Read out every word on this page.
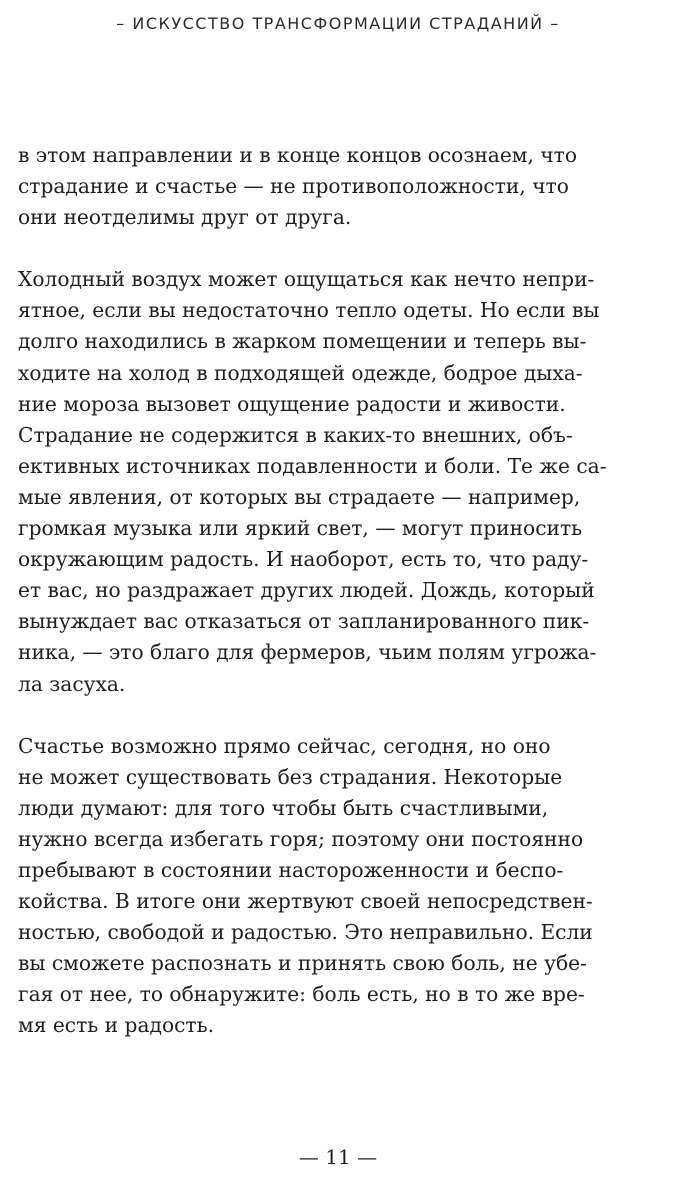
– ИСКУССТВО ТРАНСФОРМАЦИИ СТРАДАНИЙ –
в этом направлении и в конце концов осознаем, что
страдание и счастье — не противоположности, что
они неотделимы друг от друга.
Холодный воздух может ощущаться как нечто непри-
ятное, если вы недостаточно тепло одеты. Но если вы
долго находились в жарком помещении и теперь вы-
ходите на холод в подходящей одежде, бодрое дыха-
ние мороза вызовет ощущение радости и живости.
Страдание не содержится в каких-то внешних, объ-
ективных источниках подавленности и боли. Те же са-
мые явления, от которых вы страдаете — например,
громкая музыка или яркий свет, — могут приносить
окружающим радость. И наоборот, есть то, что раду-
ет вас, но раздражает других людей. Дождь, который
вынуждает вас отказаться от запланированного пик-
ника, — это благо для фермеров, чьим полям угрожа-
ла засуха.
Счастье возможно прямо сейчас, сегодня, но оно
не может существовать без страдания. Некоторые
люди думают: для того чтобы быть счастливыми,
нужно всегда избегать горя; поэтому они постоянно
пребывают в состоянии настороженности и беспо-
койства. В итоге они жертвуют своей непосредствен-
ностью, свободой и радостью. Это неправильно. Если
вы сможете распознать и принять свою боль, не убе-
гая от нее, то обнаружите: боль есть, но в то же вре-
мя есть и радость.
— 11 —
